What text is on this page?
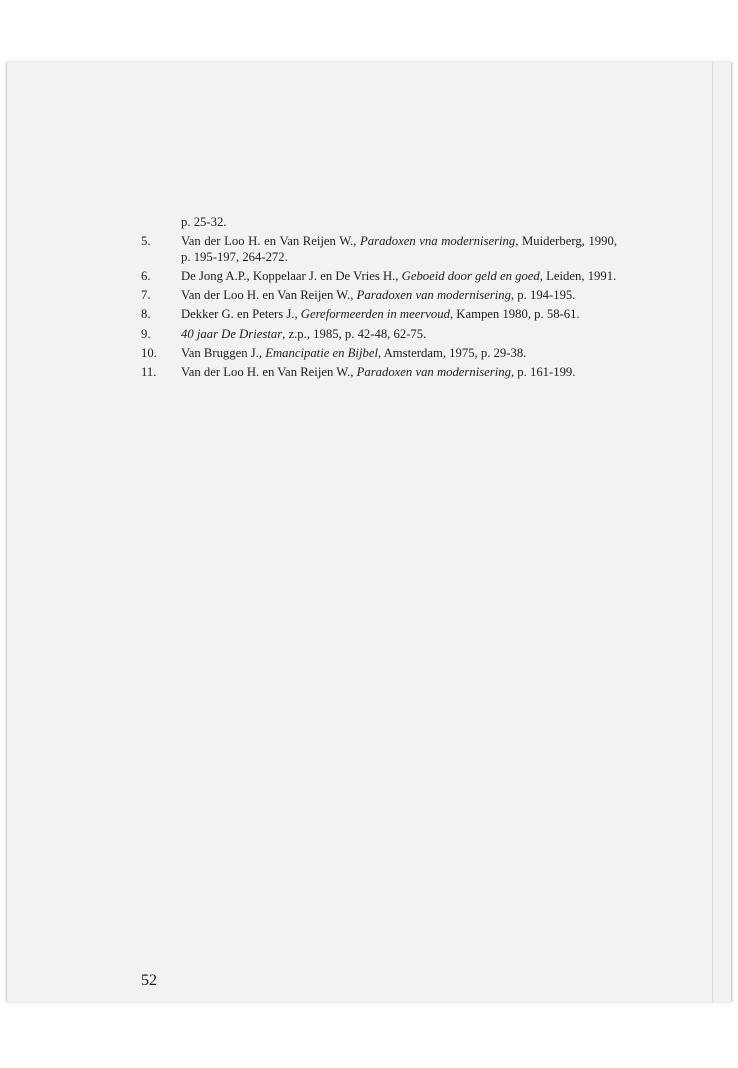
p. 25-32.
5.	Van der Loo H. en Van Reijen W., Paradoxen vna modernisering, Muiderberg, 1990, p. 195-197, 264-272.
6.	De Jong A.P., Koppelaar J. en De Vries H., Geboeid door geld en goed, Leiden, 1991.
7.	Van der Loo H. en Van Reijen W., Paradoxen van modernisering, p. 194-195.
8.	Dekker G. en Peters J., Gereformeerden in meervoud, Kampen 1980, p. 58-61.
9.	40 jaar De Driestar, z.p., 1985, p. 42-48, 62-75.
10.	Van Bruggen J., Emancipatie en Bijbel, Amsterdam, 1975, p. 29-38.
11.	Van der Loo H. en Van Reijen W., Paradoxen van modernisering, p. 161-199.
52
